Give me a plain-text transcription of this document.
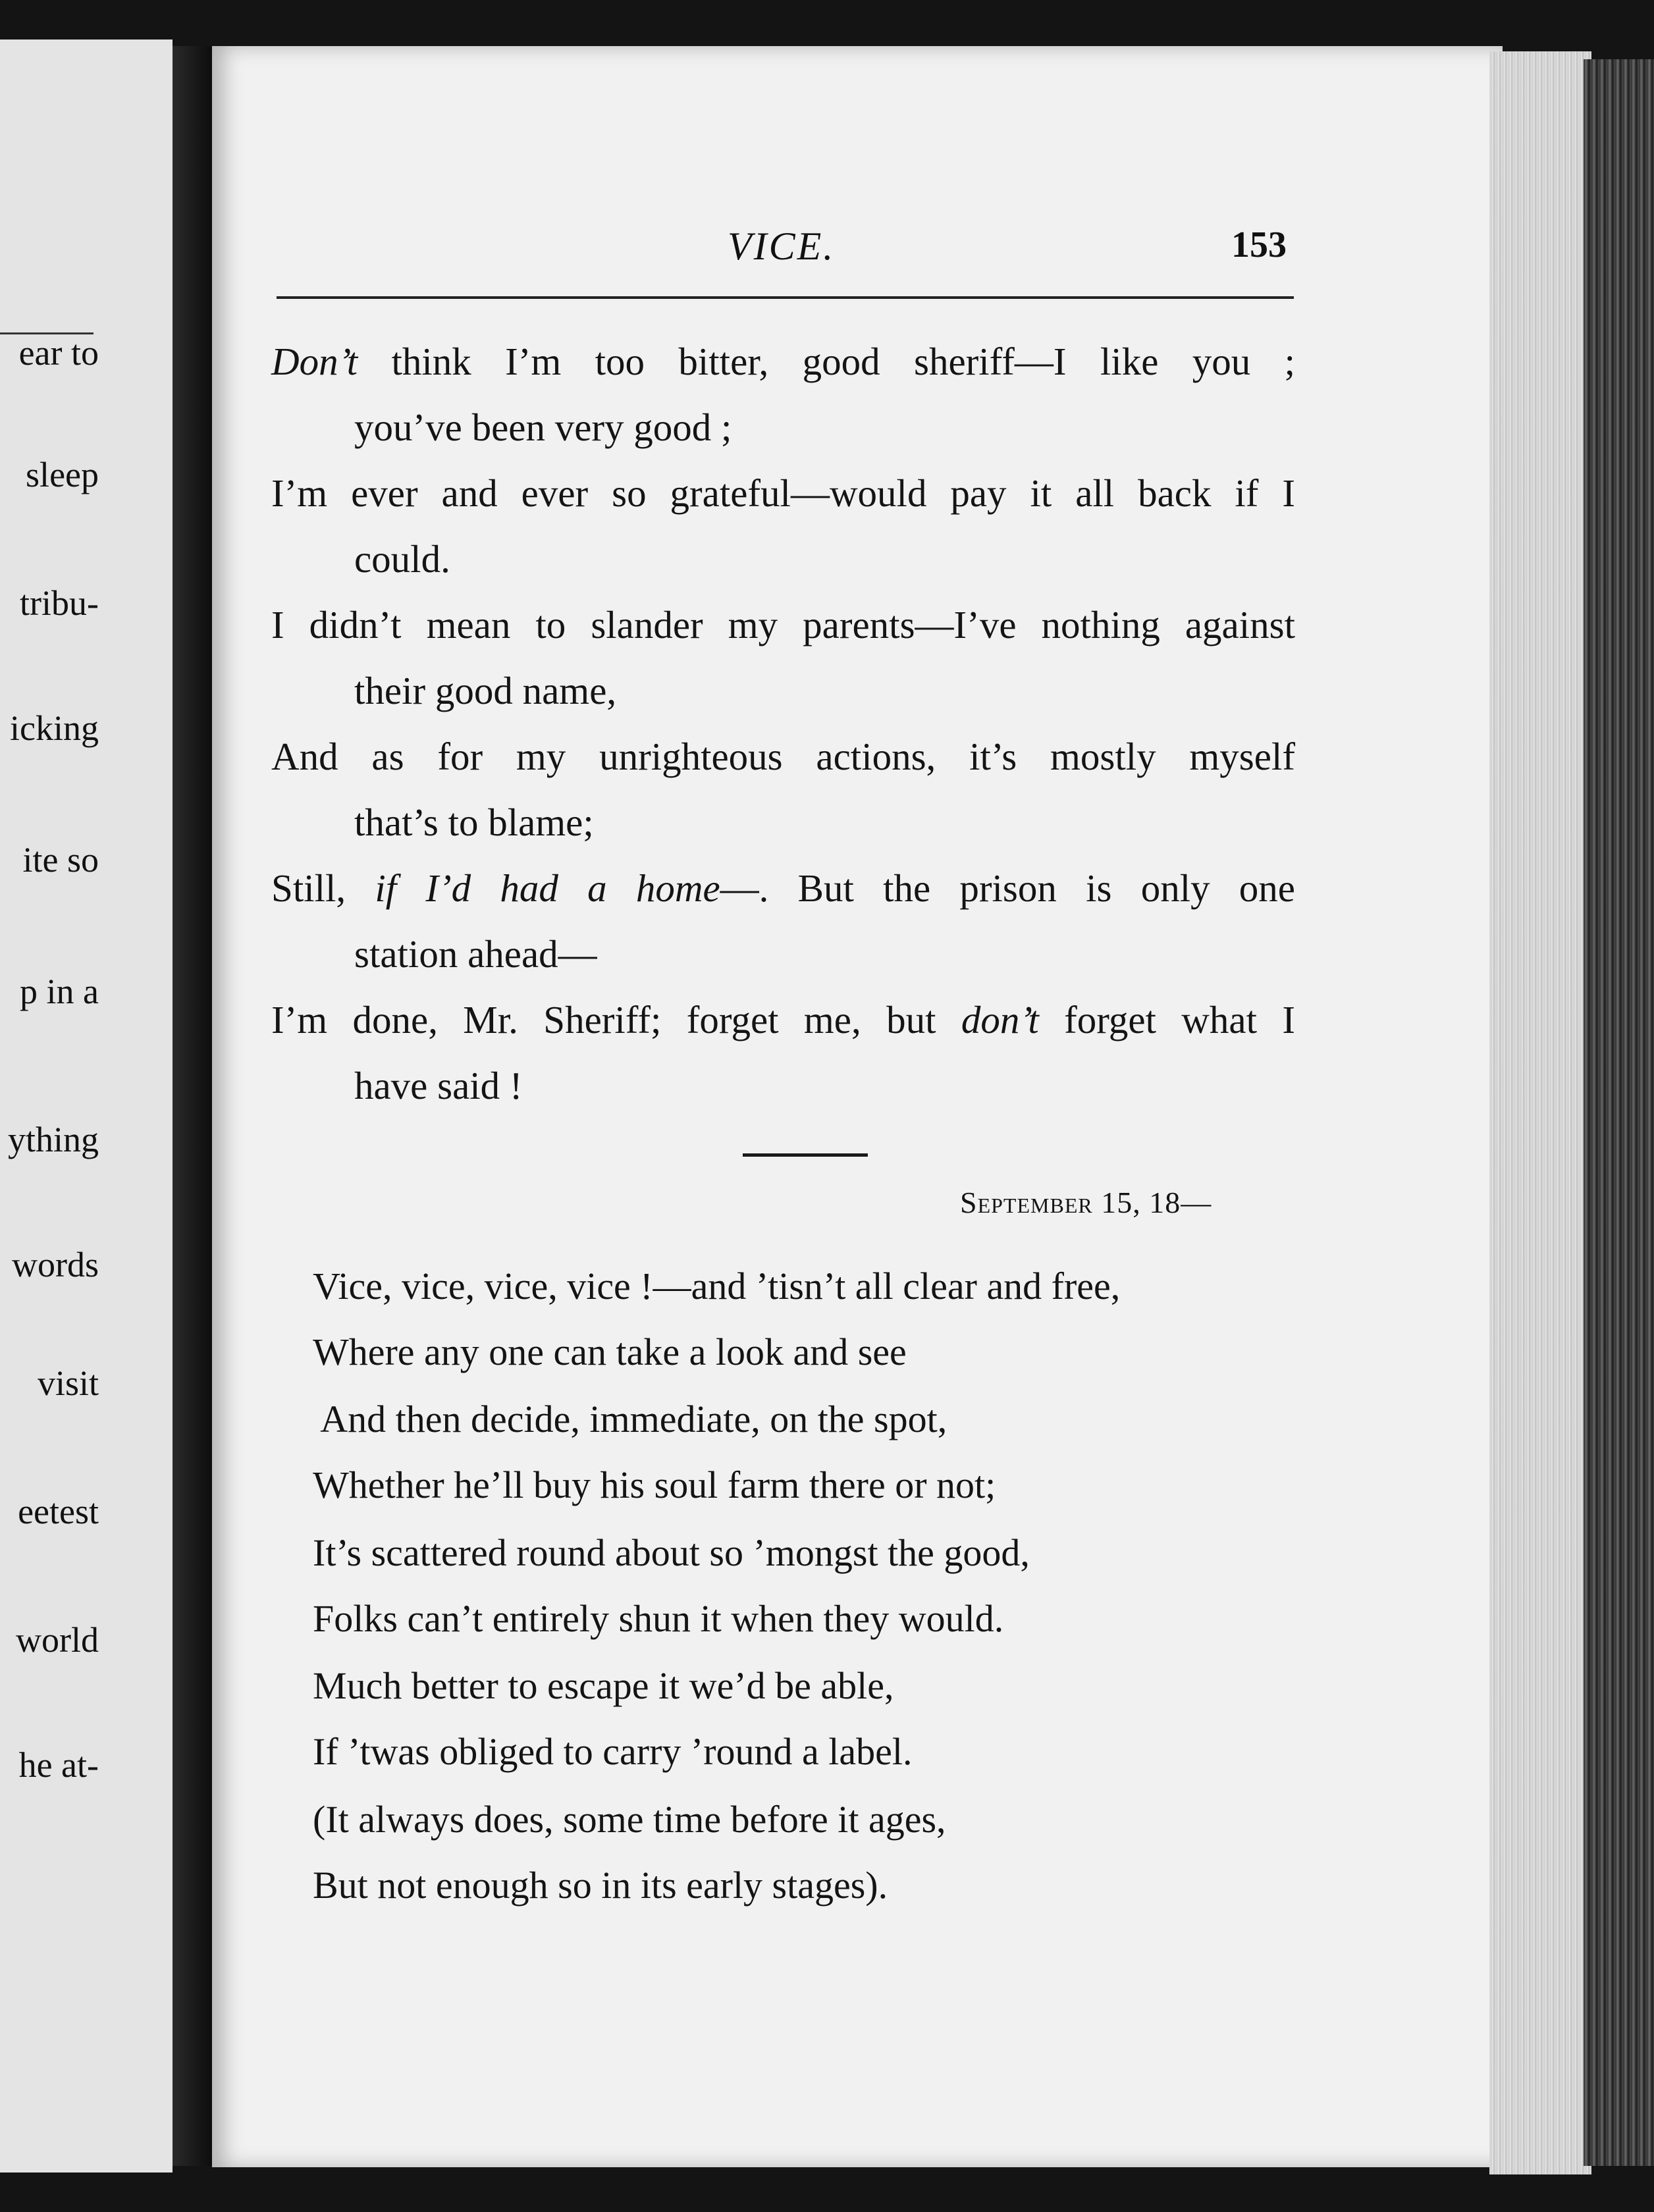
ear to
sleep
tribu-
icking
ite so
p in a
ything
words
visit
eetest
world
he at-
VICE.	153
Don’t think I’m too bitter, good sheriff—I like you ;
you’ve been very good ;
I’m ever and ever so grateful—would pay it all back if I
could.
I didn’t mean to slander my parents—I’ve nothing against
their good name,
And as for my unrighteous actions, it’s mostly myself
that’s to blame;
Still, if I’d had a home—. But the prison is only one
station ahead—
I’m done, Mr. Sheriff; forget me, but don’t forget what I
have said !
September 15, 18—
Vice, vice, vice, vice !—and ’tisn’t all clear and free,
Where any one can take a look and see
And then decide, immediate, on the spot,
Whether he’ll buy his soul farm there or not;
It’s scattered round about so ’mongst the good,
Folks can’t entirely shun it when they would.
Much better to escape it we’d be able,
If ’twas obliged to carry ’round a label.
(It always does, some time before it ages,
But not enough so in its early stages).
